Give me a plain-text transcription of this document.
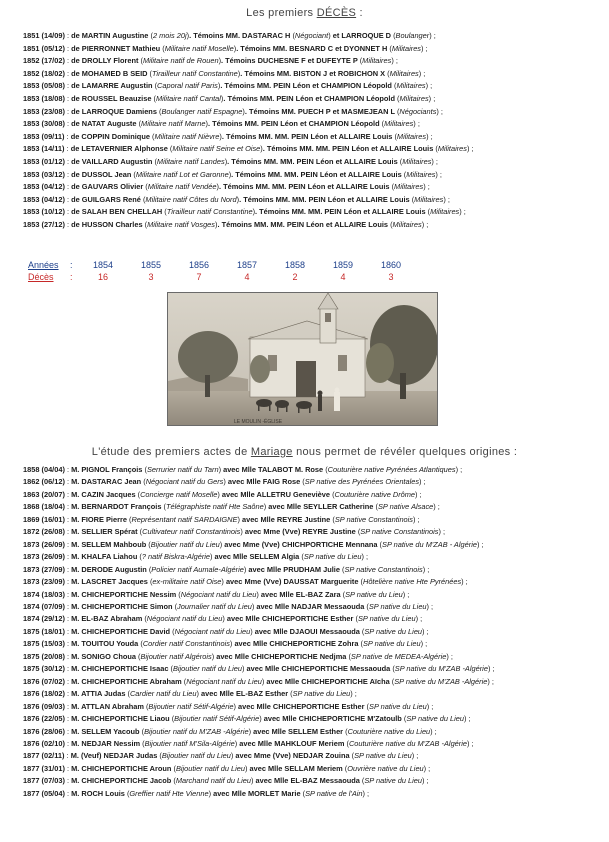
Les premiers DÉCÈS :
1851 (14/09) : de MARTIN Augustine (2 mois 20j). Témoins MM. DASTARAC H (Négociant) et LARROQUE D (Boulanger) ;
1851 (05/12) : de PIERRONNET Mathieu (Militaire natif Moselle). Témoins MM. BESNARD C et DYONNET H (Militaires) ;
1852 (17/02) : de DROLLY Florent (Militaire natif de Rouen). Témoins DUCHESNE F et DUFEYTE P (Militaires) ;
1852 (18/02) : de MOHAMED B SEID (Tirailleur natif Constantine). Témoins MM. BISTON J et ROBICHON X (Militaires) ;
1853 (05/08) : de LAMARRE Augustin (Caporal natif Paris). Témoins MM. PEIN Léon et CHAMPION Léopold (Militaires) ;
1853 (18/08) : de ROUSSEL Beauzise (Militaire natif Cantal). Témoins MM. PEIN Léon et CHAMPION Léopold (Militaires) ;
1853 (23/08) : de LARROQUE Damiens (Boulanger natif Espagne). Témoins MM. PUECH P et MASMEJEAN L (Négociants) ;
1853 (30/08) : de NATAT Auguste (Militaire natif Marne). Témoins MM. PEIN Léon et CHAMPION Léopold (Militaires) ;
1853 (09/11) : de COPPIN Dominique (Militaire natif Nièvre). Témoins MM. MM. PEIN Léon et ALLAIRE Louis (Militaires) ;
1853 (14/11) : de LETAVERNIER Alphonse (Militaire natif Seine et Oise). Témoins MM. MM. PEIN Léon et ALLAIRE Louis (Militaires) ;
1853 (01/12) : de VAILLARD Augustin (Militaire natif Landes). Témoins MM. MM. PEIN Léon et ALLAIRE Louis (Militaires) ;
1853 (03/12) : de DUSSOL Jean (Militaire natif Lot et Garonne). Témoins MM. MM. PEIN Léon et ALLAIRE Louis (Militaires) ;
1853 (04/12) : de GAUVARS Olivier (Militaire natif Vendée). Témoins MM. MM. PEIN Léon et ALLAIRE Louis (Militaires) ;
1853 (04/12) : de GUILGARS René (Militaire natif Côtes du Nord). Témoins MM. MM. PEIN Léon et ALLAIRE Louis (Militaires) ;
1853 (10/12) : de SALAH BEN CHELLAH (Tirailleur natif Constantine). Témoins MM. MM. PEIN Léon et ALLAIRE Louis (Militaires) ;
1853 (27/12) : de HUSSON Charles (Militaire natif Vosges). Témoins MM. MM. PEIN Léon et ALLAIRE Louis (Militaires) ;
Années :	1854	1855	1856	1857	1858	1859	1860
Décès :	16	3	7	4	2	4	3
LE MOULIN -ÉGLISE
L'étude des premiers actes de Mariage nous permet de révéler quelques origines :
1858 (04/04) : M. PIGNOL François (Serrurier natif du Tarn) avec Mlle TALABOT M. Rose (Couturière native Pyrénées Atlantiques) ;
1862 (06/12) : M. DASTARAC Jean (Négociant natif du Gers) avec Mlle FAIG Rose (SP native des Pyrénées Orientales) ;
1863 (20/07) : M. CAZIN Jacques (Concierge natif Moselle) avec Mlle ALLETRU Geneviève (Couturière native Drôme) ;
1868 (18/04) : M. BERNARDOT François (Télégraphiste natif Hte Saône) avec Mlle SEYLLER Catherine (SP native Alsace) ;
1869 (16/01) : M. FIORE Pierre (Représentant natif SARDAIGNE) avec Mlle REYRE Justine (SP native Constantinois) ;
1872 (26/08) : M. SELLIER Spérat (Cultivateur natif Constantinois) avec Mme (Vve) REYRE Justine (SP native Constantinois) ;
1873 (26/09) : M. SELLEM Mahboub (Bijoutier natif du Lieu) avec Mme (Vve) CHICHPORTICHE Mennana (SP native du M'ZAB - Algérie) ;
1873 (26/09) : M. KHALFA Liahou (? natif Biskra-Algérie) avec Mlle SELLEM Algia (SP native du Lieu) ;
1873 (27/09) : M. DERODE Augustin (Policier natif Aumale-Algérie) avec Mlle PRUDHAM Julie (SP native Constantinois) ;
1873 (23/09) : M. LASCRET Jacques (ex-militaire natif Oise) avec Mme (Vve) DAUSSAT Marguerite (Hôtelière native Hte Pyrénées) ;
1874 (18/03) : M. CHICHEPORTICHE Nessim (Négociant natif du Lieu) avec Mlle EL-BAZ Zara (SP native du Lieu) ;
1874 (07/09) : M. CHICHEPORTICHE Simon (Journalier natif du Lieu) avec Mlle NADJAR Messaouda (SP native du Lieu) ;
1874 (29/12) : M. EL-BAZ Abraham (Négociant natif du Lieu) avec Mlle CHICHEPORTICHE Esther (SP native du Lieu) ;
1875 (18/01) : M. CHICHEPORTICHE David (Négociant natif du Lieu) avec Mlle DJAOUI Messaouda (SP native du Lieu) ;
1875 (15/03) : M. TOUITOU Youda (Cordier natif Constantinois) avec Mlle CHICHEPORTICHE Zohra (SP native du Lieu) ;
1875 (20/08) : M. SONIGO Choua (Bijoutier natif Algérois) avec Mlle CHICHEPORTICHE Nedjma (SP native de MEDEA-Algérie) ;
1875 (30/12) : M. CHICHEPORTICHE Isaac (Bijoutier natif du Lieu) avec Mlle CHICHEPORTICHE Messaouda (SP native du M'ZAB -Algérie) ;
1876 (07/02) : M. CHICHEPORTICHE Abraham (Négociant natif du Lieu) avec Mlle CHICHEPORTICHE Aïcha (SP native du M'ZAB -Algérie) ;
1876 (18/02) : M. ATTIA Judas (Cardier natif du Lieu) avec Mlle EL-BAZ Esther (SP native du Lieu) ;
1876 (09/03) : M. ATTLAN Abraham (Bijoutier natif Sétif-Algérie) avec Mlle CHICHEPORTICHE Esther (SP native du Lieu) ;
1876 (22/05) : M. CHICHEPORTICHE Liaou (Bijoutier natif Sétif-Algérie) avec Mlle CHICHEPORTICHE M'Zatoulb (SP native du Lieu) ;
1876 (28/06) : M. SELLEM Yacoub (Bijoutier natif du M'ZAB -Algérie) avec Mlle SELLEM Esther (Couturière native du Lieu) ;
1876 (02/10) : M. NEDJAR Nessim (Bijoutier natif M'Sila-Algérie) avec Mlle MAHKLOUF Meriem (Couturière native du M'ZAB -Algérie) ;
1877 (02/11) : M. (Veuf) NEDJAR Judas (Bijoutier natif du Lieu) avec Mme (Vve) NEDJAR Zouina (SP native du Lieu) ;
1877 (31/01) : M. CHICHEPORTICHE Aroun (Bijoutier natif du Lieu) avec Mlle SELLAM Meriem (Ouvrière native du Lieu) ;
1877 (07/03) : M. CHICHEPORTICHE Jacob (Marchand natif du Lieu) avec Mlle EL-BAZ Messaouda (SP native du Lieu) ;
1877 (05/04) : M. ROCH Louis (Greffier natif Hte Vienne) avec Mlle MORLET Marie (SP native de l'Ain) ;
